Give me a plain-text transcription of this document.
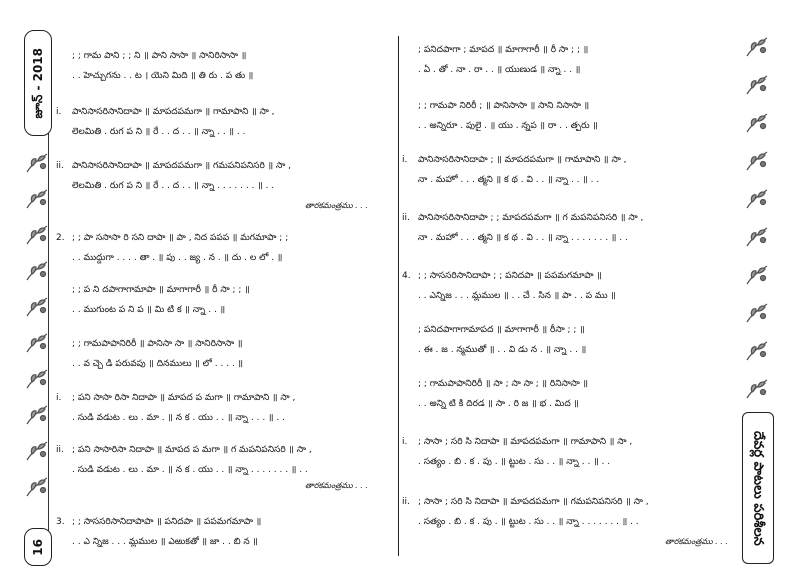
జూన్ - 2018
16
దేవర్ల పాటలు పరిశీలన
; ; గామ పాని ; ; ని ॥ పాని సాసా ॥ సానిరిసాసా ॥
. . హెచ్చుగను . . ట । యెని మిది ॥ తి రు . ప తు ॥
i. పానిసాసరిసానిదాపా ॥ మాపదపమగా ॥ గామాపాని ॥ సా ,
లెలమితి . రుగ ప ని ॥ రే . . ద . . ॥ న్నా . . ॥ . .
ii. పానిసాసరిసానిదాపా ॥ మాపదపమగా ॥ గమపనిపనిసరి ॥ సా ,
లెలమితి . రుగ ప ని ॥ రే . . ద . . ॥ న్నా . . . . . . . ॥ . .
2. ; ; పా ససాసా రి సని దాపా ॥ పా , నిద పపప ॥ మగమాపా ; ;
. . ముద్దుగా . . . . తా . ॥ పు . . జ్య . న . ॥ దు . ల లో . ॥
; ; ప ని దపాగాగామాపా ॥ మాగాగారీ ॥ రీ సా ; ; ॥
. . ముగుంట ప ని ప ॥ మి టి క ॥ న్నా . . ॥
; ; గామపాపానిరిరీ ॥ పానిసా సా ॥ సానిరిసాసా ॥
. . వ చ్చె డి పరువపు ॥ దినములు ॥ లో . . . . ॥
i. ; పని సాసా రిసా నిదాపా ॥ మాపద ప మగా ॥ గామాపాని ॥ సా ,
. సుడి వడుట . లు . మా . ॥ న క . యు . . ॥ న్నా . . . ॥ . .
ii. ; పని సాసారిసా నిదాపా ॥ మాపద ప మగా ॥ గ మపనిపనిసరి ॥ సా ,
. సుడి వడుట . లు . మా . ॥ న క . యు . . ॥ న్నా . . . . . . . ॥ . .
3. ; ; సాససరిసానిదాపాపా ॥ పనిదపా ॥ పపమగమాపా ॥
. . ఎ న్నిజ . . . మ్లముల ॥ ఎఱుకతో ॥ జా . . బి న ॥
; పనిదపాగా ; మాపద ॥ మాగాగారీ ॥ రీ సా ; ; ॥
. ఏ . తో . నా . రా . . ॥ యుణుడ ॥ న్నా . . ॥
; ; గామపా నిరిరీ ; ॥ పానిసాసా ॥ సాని నిసాసా ॥
. . అన్నిరూ . పులై . ॥ యు . న్నప ॥ రా . . త్పరు ॥
i. పానిసాసరిసానిదాపా ; ॥ మాపదపమగా ॥ గామాపాని ॥ సా ,
నా . మహో . . . త్మని ॥ క థ . వి . . ॥ న్నా . . ॥ . .
ii. పానిసాసరిసానిదాపా ; ; మాపదపమగా ॥ గ మపనిపనిసరి ॥ సా ,
నా . మహో . . . త్మని ॥ క థ . వి . . ॥ న్నా . . . . . . . ॥ . .
4. ; ; సాససరిసానిదాపా ; ; పనిదపా ॥ పపమగమాపా ॥
. . ఎన్నిజ . . . మ్లముల ॥ . . చే . సిన ॥ పా . . ప ము ॥
; పనిదపాగాగామాపద ॥ మాగాగారీ ॥ రీసా ; ; ॥
. ఈ . జ . న్మముతో ॥ . . వి డు న . ॥ న్నా . . ॥
; ; గామపాపానిరిరీ ॥ సా ; సా సా ; ॥ రినిసాసా ॥
. . అన్ని టి కి దిరడ ॥ సా . రి జ ॥ భ . మిద ॥
i. ; సాసా ; సరి సి నిదాపా ॥ మాపదపమగా ॥ గామాపాని ॥ సా ,
. సత్యం . బి . క . పు . ॥ ట్టుట . సు . . ॥ న్నా . . ॥ . .
ii. ; సాసా ; సరి సి నిదాపా ॥ మాపదపమగా ॥ గమపనిపనిసరి ॥ సా ,
. సత్యం . బి . క . పు . ॥ ట్టుట . సు . . ॥ న్నా . . . . . . . ॥ . .
తారకమంత్రము . . .
తారకమంత్రము . . .
తారకమంత్రము . . .
